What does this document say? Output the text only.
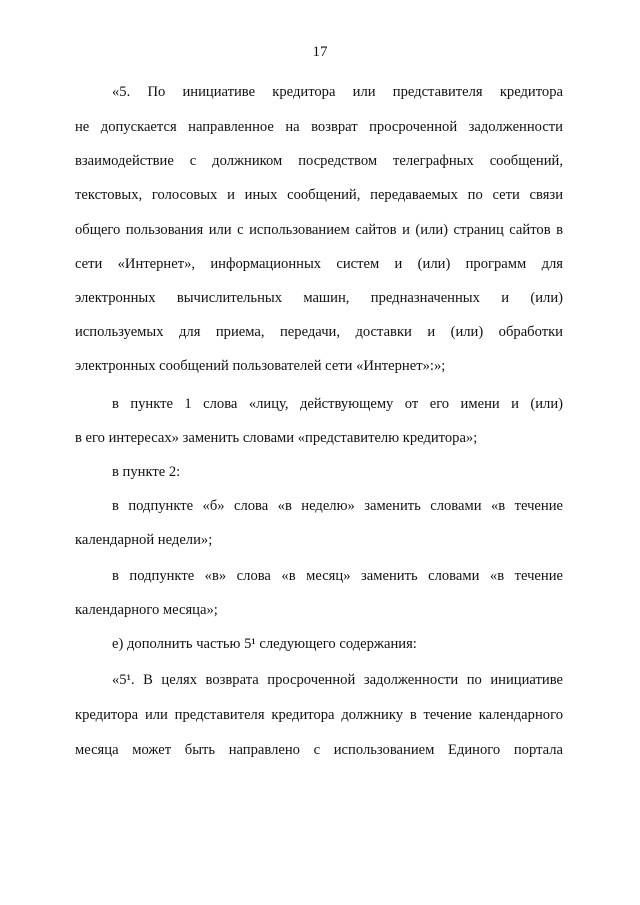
17
«5. По инициативе кредитора или представителя кредитора
не допускается направленное на возврат просроченной задолженности
взаимодействие с должником посредством телеграфных сообщений,
текстовых, голосовых и иных сообщений, передаваемых по сети связи
общего пользования или с использованием сайтов и (или) страниц сайтов в
сети «Интернет», информационных систем и (или) программ для
электронных вычислительных машин, предназначенных и (или)
используемых для приема, передачи, доставки и (или) обработки
электронных сообщений пользователей сети «Интернет»:»;
в пункте 1 слова «лицу, действующему от его имени и (или)
в его интересах» заменить словами «представителю кредитора»;
в пункте 2:
в подпункте «б» слова «в неделю» заменить словами «в течение
календарной недели»;
в подпункте «в» слова «в месяц» заменить словами «в течение
календарного месяца»;
е) дополнить частью 5¹ следующего содержания:
«5¹. В целях возврата просроченной задолженности по инициативе
кредитора или представителя кредитора должнику в течение календарного
месяца может быть направлено с использованием Единого портала
